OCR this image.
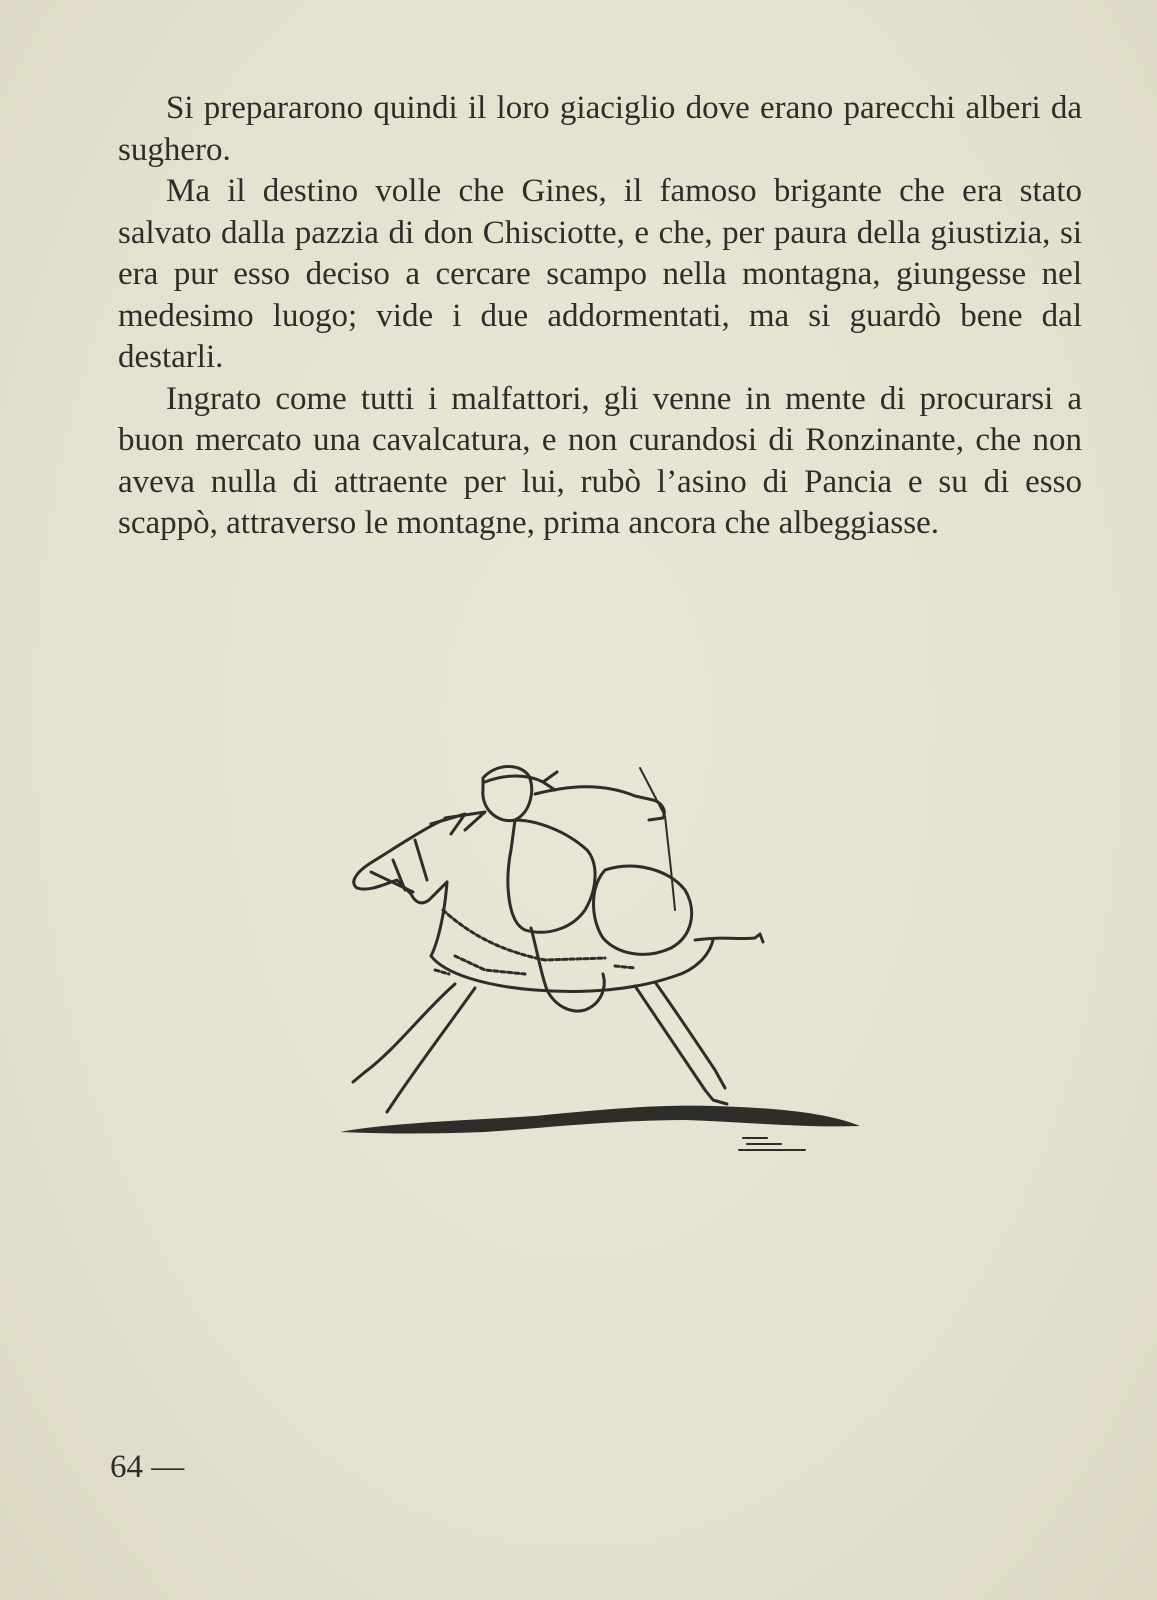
Si prepararono quindi il loro giaciglio dove erano parecchi alberi da sughero.

Ma il destino volle che Gines, il famoso brigante che era stato salvato dalla pazzia di don Chisciotte, e che, per paura della giustizia, si era pur esso deciso a cercare scampo nella montagna, giungesse nel medesimo luogo; vide i due addormentati, ma si guardò bene dal destarli.

Ingrato come tutti i malfattori, gli venne in mente di procurarsi a buon mercato una cavalcatura, e non curandosi di Ronzinante, che non aveva nulla di attraente per lui, rubò l’asino di Pancia e su di esso scappò, attraverso le montagne, prima ancora che albeggiasse.

64 —
